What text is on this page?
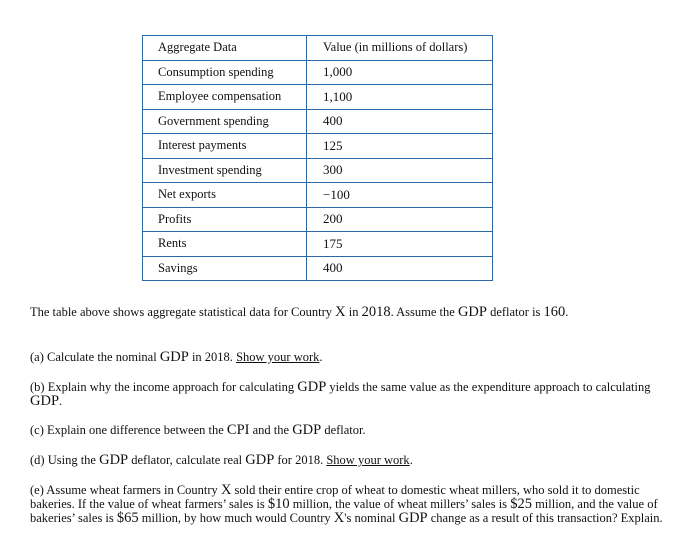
Aggregate Data	Value (in millions of dollars)
Consumption spending	1,000
Employee compensation	1,100
Government spending	400
Interest payments	125
Investment spending	300
Net exports	−100
Profits	200
Rents	175
Savings	400
The table above shows aggregate statistical data for Country X in 2018. Assume the GDP deflator is 160.
(a) Calculate the nominal GDP in 2018. Show your work.
(b) Explain why the income approach for calculating GDP yields the same value as the expenditure approach to calculating GDP.
(c) Explain one difference between the CPI and the GDP deflator.
(d) Using the GDP deflator, calculate real GDP for 2018. Show your work.
(e) Assume wheat farmers in Country X sold their entire crop of wheat to domestic wheat millers, who sold it to domestic bakeries. If the value of wheat farmers’ sales is $10 million, the value of wheat millers’ sales is $25 million, and the value of bakeries’ sales is $65 million, by how much would Country X's nominal GDP change as a result of this transaction? Explain.
